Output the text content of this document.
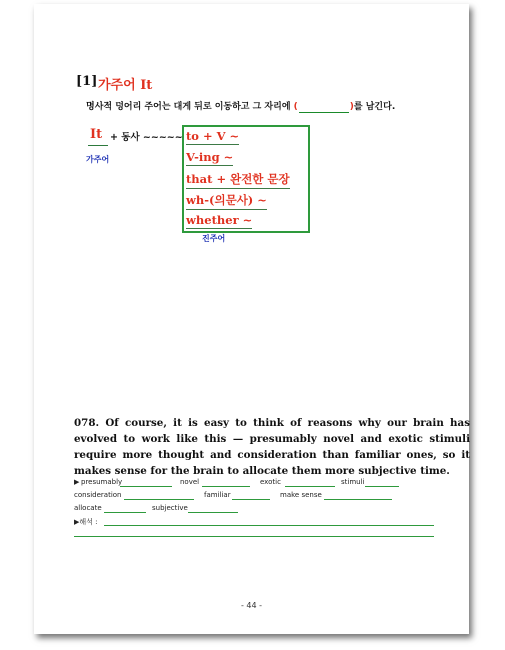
[1] 가주어 It
명사적 덩어리 주어는 대게 뒤로 이동하고 그 자리에 (	)를 남긴다.
It + 동사 ~~~~~
가주어
to + V ~
V-ing ~
that + 완전한 문장
wh-(의문사) ~
whether ~
진주어
078. Of course, it is easy to think of reasons why our brain has evolved to work like this — presumably novel and exotic stimuli require more thought and consideration than familiar ones, so it makes sense for the brain to allocate them more subjective time.
▶ presumably	novel	exotic	stimuli
consideration	familiar	make sense
allocate	subjective
▶해석 :
- 44 -
